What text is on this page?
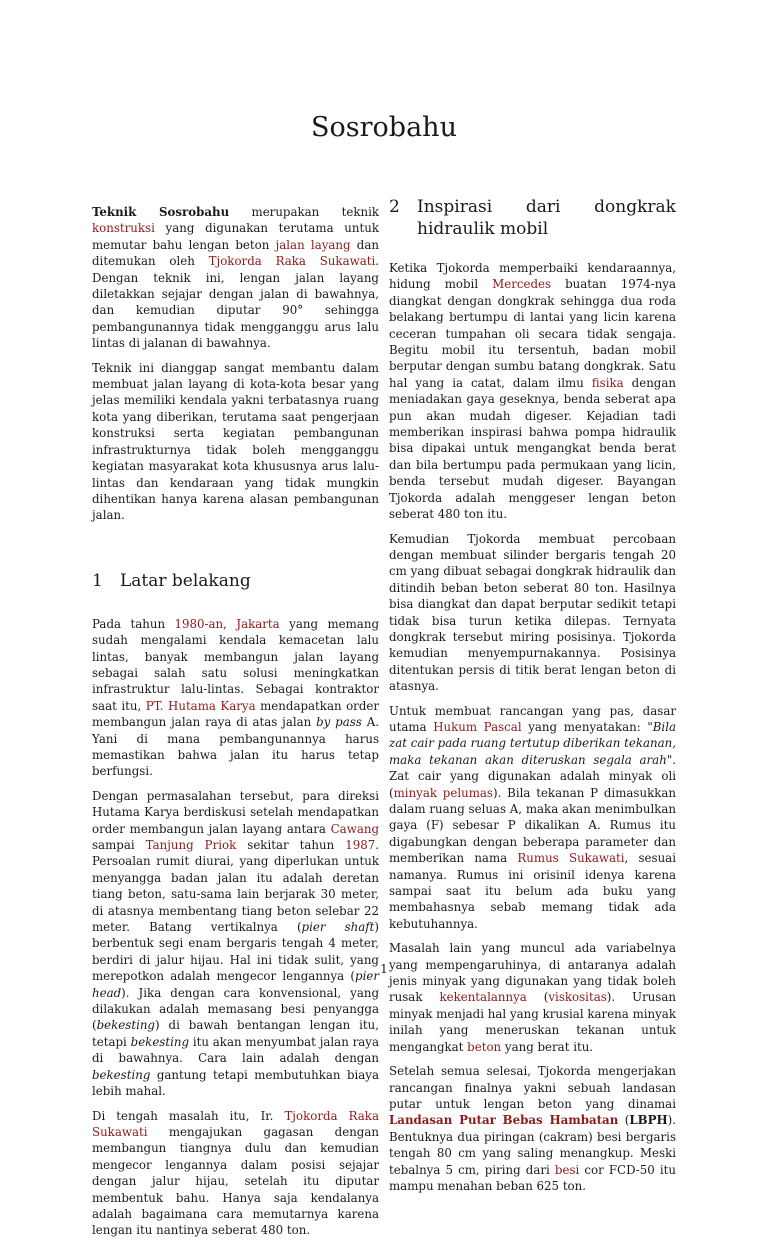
Sosrobahu

Teknik Sosrobahu merupakan teknik konstruksi yang digunakan terutama untuk memutar bahu lengan beton jalan layang dan ditemukan oleh Tjokorda Raka Sukawati. Dengan teknik ini, lengan jalan layang diletakkan sejajar dengan jalan di bawahnya, dan kemudian diputar 90° sehingga pembangunannya tidak mengganggu arus lalu lintas di jalanan di bawahnya.

Teknik ini dianggap sangat membantu dalam membuat jalan layang di kota-kota besar yang jelas memiliki kendala yakni terbatasnya ruang kota yang diberikan, terutama saat pengerjaan konstruksi serta kegiatan pembangunan infrastrukturnya tidak boleh mengganggu kegiatan masyarakat kota khususnya arus lalu-lintas dan kendaraan yang tidak mungkin dihentikan hanya karena alasan pembangunan jalan.

1	Latar belakang

Pada tahun 1980-an, Jakarta yang memang sudah mengalami kendala kemacetan lalu lintas, banyak membangun jalan layang sebagai salah satu solusi meningkatkan infrastruktur lalu-lintas. Sebagai kontraktor saat itu, PT. Hutama Karya mendapatkan order membangun jalan raya di atas jalan by pass A. Yani di mana pembangunannya harus memastikan bahwa jalan itu harus tetap berfungsi.

Dengan permasalahan tersebut, para direksi Hutama Karya berdiskusi setelah mendapatkan order membangun jalan layang antara Cawang sampai Tanjung Priok sekitar tahun 1987. Persoalan rumit diurai, yang diperlukan untuk menyangga badan jalan itu adalah deretan tiang beton, satu-sama lain berjarak 30 meter, di atasnya membentang tiang beton selebar 22 meter. Batang vertikalnya (pier shaft) berbentuk segi enam bergaris tengah 4 meter, berdiri di jalur hijau. Hal ini tidak sulit, yang merepotkon adalah mengecor lengannya (pier head). Jika dengan cara konvensional, yang dilakukan adalah memasang besi penyangga (bekesting) di bawah bentangan lengan itu, tetapi bekesting itu akan menyumbat jalan raya di bawahnya. Cara lain adalah dengan bekesting gantung tetapi membutuhkan biaya lebih mahal.

Di tengah masalah itu, Ir. Tjokorda Raka Sukawati mengajukan gagasan dengan membangun tiangnya dulu dan kemudian mengecor lengannya dalam posisi sejajar dengan jalur hijau, setelah itu diputar membentuk bahu. Hanya saja kendalanya adalah bagaimana cara memutarnya karena lengan itu nantinya seberat 480 ton.

2	Inspirasi dari dongkrak hidraulik mobil

Ketika Tjokorda memperbaiki kendaraannya, hidung mobil Mercedes buatan 1974-nya diangkat dengan dongkrak sehingga dua roda belakang bertumpu di lantai yang licin karena ceceran tumpahan oli secara tidak sengaja. Begitu mobil itu tersentuh, badan mobil berputar dengan sumbu batang dongkrak. Satu hal yang ia catat, dalam ilmu fisika dengan meniadakan gaya geseknya, benda seberat apa pun akan mudah digeser. Kejadian tadi memberikan inspirasi bahwa pompa hidraulik bisa dipakai untuk mengangkat benda berat dan bila bertumpu pada permukaan yang licin, benda tersebut mudah digeser. Bayangan Tjokorda adalah menggeser lengan beton seberat 480 ton itu.

Kemudian Tjokorda membuat percobaan dengan membuat silinder bergaris tengah 20 cm yang dibuat sebagai dongkrak hidraulik dan ditindih beban beton seberat 80 ton. Hasilnya bisa diangkat dan dapat berputar sedikit tetapi tidak bisa turun ketika dilepas. Ternyata dongkrak tersebut miring posisinya. Tjokorda kemudian menyempurnakannya. Posisinya ditentukan persis di titik berat lengan beton di atasnya.

Untuk membuat rancangan yang pas, dasar utama Hukum Pascal yang menyatakan: "Bila zat cair pada ruang tertutup diberikan tekanan, maka tekanan akan diteruskan segala arah". Zat cair yang digunakan adalah minyak oli (minyak pelumas). Bila tekanan P dimasukkan dalam ruang seluas A, maka akan menimbulkan gaya (F) sebesar P dikalikan A. Rumus itu digabungkan dengan beberapa parameter dan memberikan nama Rumus Sukawati, sesuai namanya. Rumus ini orisinil idenya karena sampai saat itu belum ada buku yang membahasnya sebab memang tidak ada kebutuhannya.

Masalah lain yang muncul ada variabelnya yang mempengaruhinya, di antaranya adalah jenis minyak yang digunakan yang tidak boleh rusak kekentalannya (viskositas). Urusan minyak menjadi hal yang krusial karena minyak inilah yang meneruskan tekanan untuk mengangkat beton yang berat itu.

Setelah semua selesai, Tjokorda mengerjakan rancangan finalnya yakni sebuah landasan putar untuk lengan beton yang dinamai Landasan Putar Bebas Hambatan (LBPH). Bentuknya dua piringan (cakram) besi bergaris tengah 80 cm yang saling menangkup. Meski tebalnya 5 cm, piring dari besi cor FCD-50 itu mampu menahan beban 625 ton.

1
